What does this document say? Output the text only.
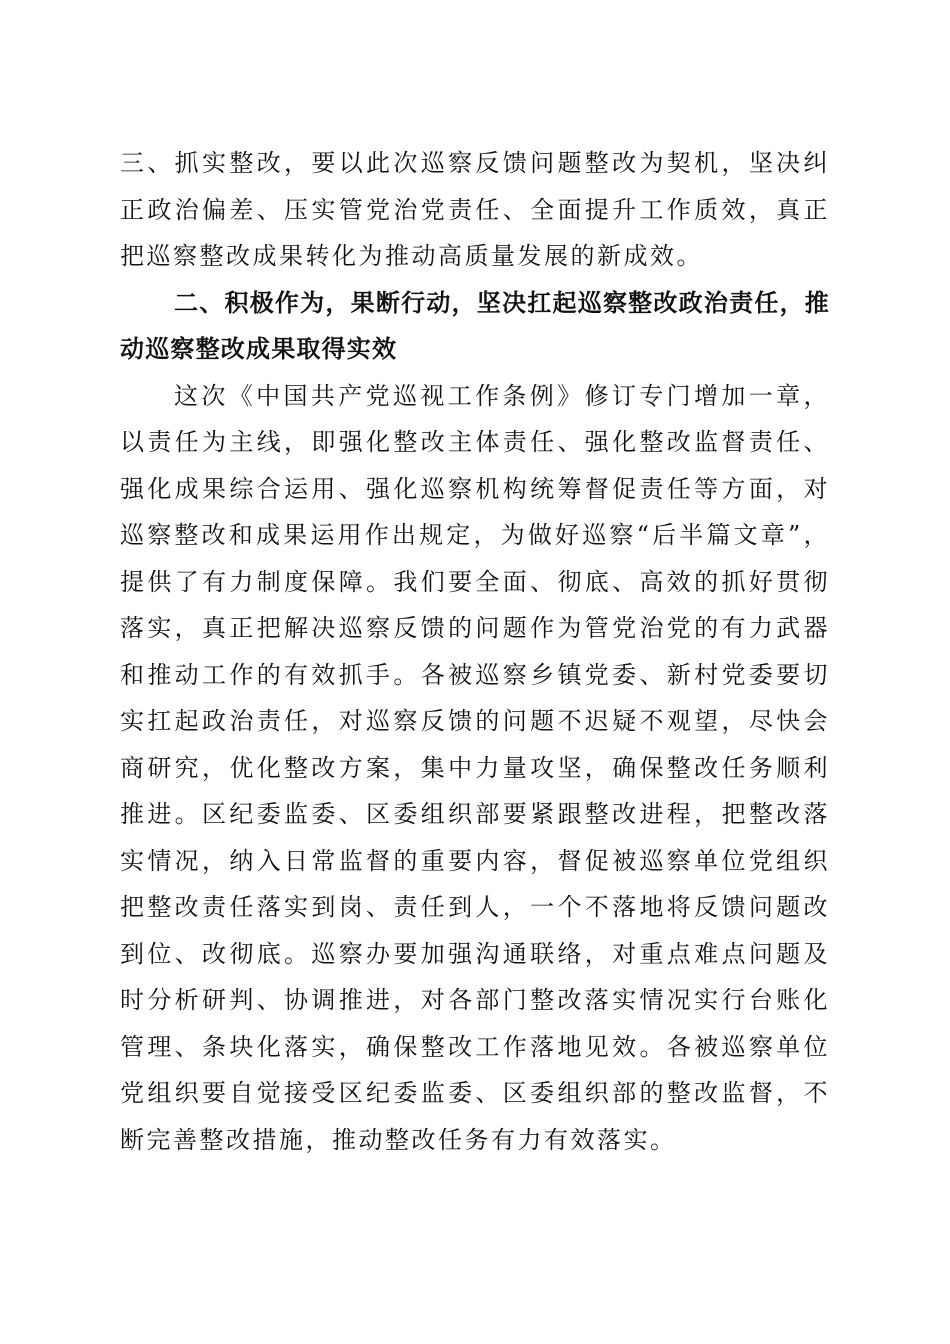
三、抓实整改，要以此次巡察反馈问题整改为契机，坚决纠正政治偏差、压实管党治党责任、全面提升工作质效，真正把巡察整改成果转化为推动高质量发展的新成效。

二、积极作为，果断行动，坚决扛起巡察整改政治责任，推动巡察整改成果取得实效

这次《中国共产党巡视工作条例》修订专门增加一章，以责任为主线，即强化整改主体责任、强化整改监督责任、强化成果综合运用、强化巡察机构统筹督促责任等方面，对巡察整改和成果运用作出规定，为做好巡察“后半篇文章”，提供了有力制度保障。我们要全面、彻底、高效的抓好贯彻落实，真正把解决巡察反馈的问题作为管党治党的有力武器和推动工作的有效抓手。各被巡察乡镇党委、新村党委要切实扛起政治责任，对巡察反馈的问题不迟疑不观望，尽快会商研究，优化整改方案，集中力量攻坚，确保整改任务顺利推进。区纪委监委、区委组织部要紧跟整改进程，把整改落实情况，纳入日常监督的重要内容，督促被巡察单位党组织把整改责任落实到岗、责任到人，一个不落地将反馈问题改到位、改彻底。巡察办要加强沟通联络，对重点难点问题及时分析研判、协调推进，对各部门整改落实情况实行台账化管理、条块化落实，确保整改工作落地见效。各被巡察单位党组织要自觉接受区纪委监委、区委组织部的整改监督，不断完善整改措施，推动整改任务有力有效落实。
